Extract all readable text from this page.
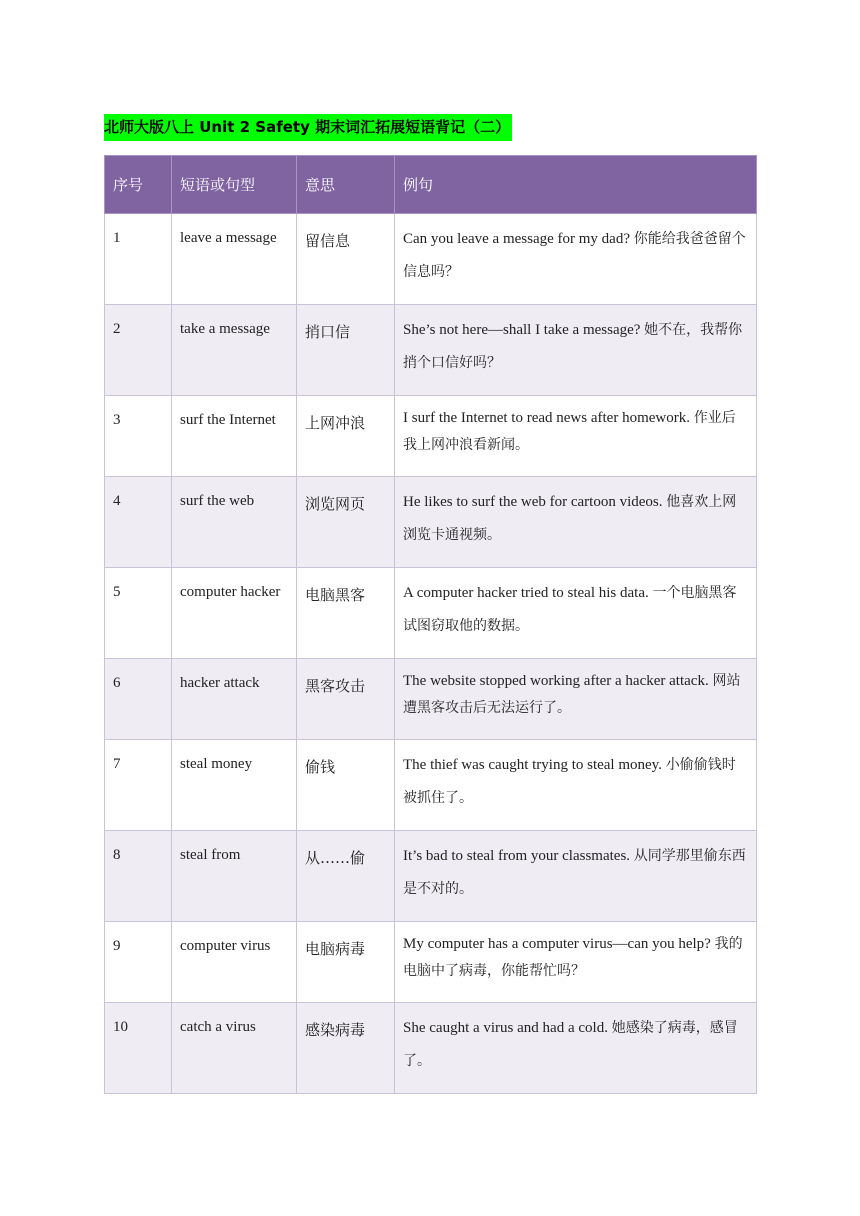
北师大版八上 Unit 2 Safety 期末词汇拓展短语背记（二）
序号	短语或句型	意思	例句
1	leave a message	留信息	Can you leave a message for my dad? 你能给我爸爸留个信息吗？
2	take a message	捎口信	She’s not here—shall I take a message? 她不在，我帮你捎个口信好吗？
3	surf the Internet	上网冲浪	I surf the Internet to read news after homework. 作业后我上网冲浪看新闻。
4	surf the web	浏览网页	He likes to surf the web for cartoon videos. 他喜欢上网浏览卡通视频。
5	computer hacker	电脑黑客	A computer hacker tried to steal his data. 一个电脑黑客试图窃取他的数据。
6	hacker attack	黑客攻击	The website stopped working after a hacker attack. 网站遭黑客攻击后无法运行了。
7	steal money	偷钱	The thief was caught trying to steal money. 小偷偷钱时被抓住了。
8	steal from	从……偷	It’s bad to steal from your classmates. 从同学那里偷东西是不对的。
9	computer virus	电脑病毒	My computer has a computer virus—can you help? 我的电脑中了病毒，你能帮忙吗？
10	catch a virus	感染病毒	She caught a virus and had a cold. 她感染了病毒，感冒了。
